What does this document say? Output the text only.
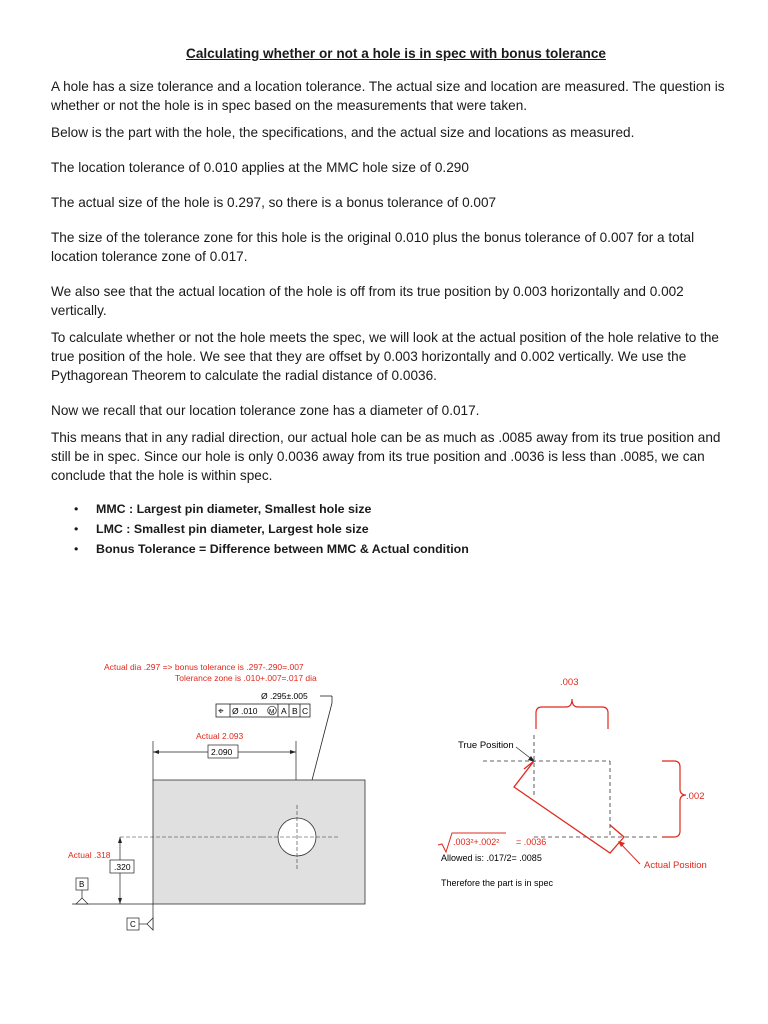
Calculating whether or not a hole is in spec with bonus tolerance

A hole has a size tolerance and a location tolerance. The actual size and location are measured. The question is whether or not the hole is in spec based on the measurements that were taken.

Below is the part with the hole, the specifications, and the actual size and locations as measured.

The location tolerance of 0.010 applies at the MMC hole size of 0.290

The actual size of the hole is 0.297, so there is a bonus tolerance of 0.007

The size of the tolerance zone for this hole is the original 0.010 plus the bonus tolerance of 0.007 for a total location tolerance zone of 0.017.

We also see that the actual location of the hole is off from its true position by 0.003 horizontally and 0.002 vertically.

To calculate whether or not the hole meets the spec, we will look at the actual position of the hole relative to the true position of the hole. We see that they are offset by 0.003 horizontally and 0.002 vertically. We use the Pythagorean Theorem to calculate the radial distance of 0.0036.

Now we recall that our location tolerance zone has a diameter of 0.017.

This means that in any radial direction, our actual hole can be as much as .0085 away from its true position and still be in spec. Since our hole is only 0.0036 away from its true position and .0036 is less than .0085, we can conclude that the hole is within spec.

• MMC : Largest pin diameter, Smallest hole size
• LMC : Smallest pin diameter, Largest hole size
• Bonus Tolerance = Difference between MMC & Actual condition
Actual dia .297 => bonus tolerance is .297-.290=.007
Tolerance zone is .010+.007=.017 dia
Ø .295±.005
⌖ Ø .010 M A B C
Actual 2.093
2.090
.320
Actual .318
B
C
.003
True Position
.002
.003²+.002² = .0036
Allowed is: .017/2= .0085
Therefore the part is in spec
Actual Position
